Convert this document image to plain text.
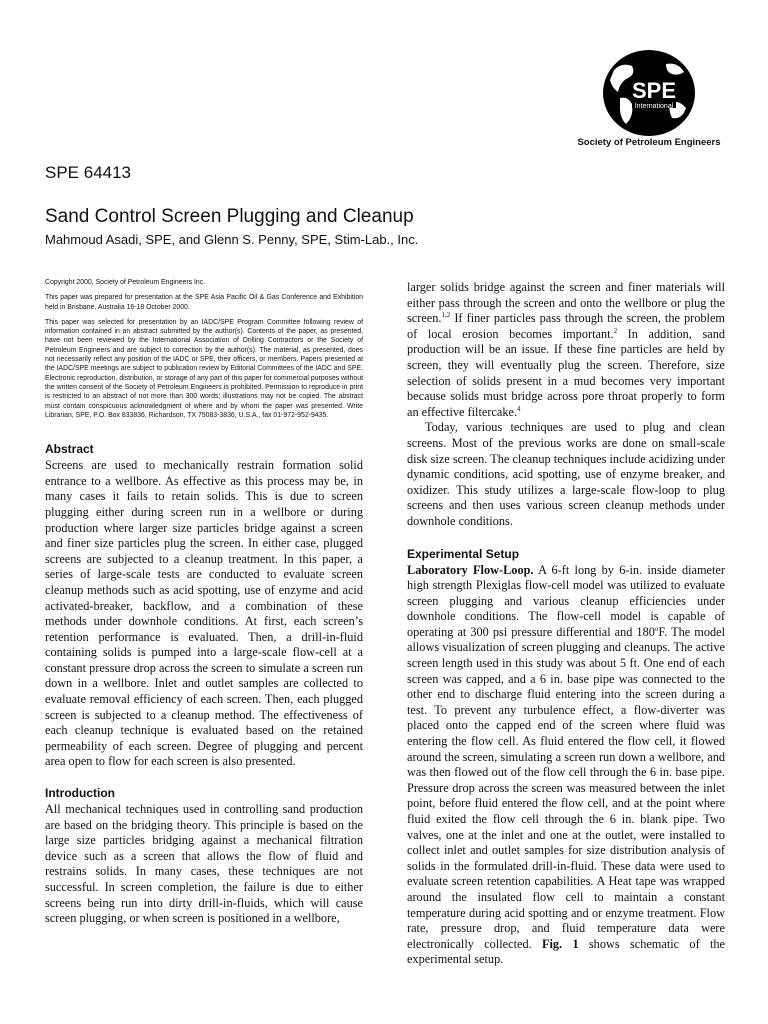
SPE
International
Society of Petroleum Engineers
SPE 64413
Sand Control Screen Plugging and Cleanup
Mahmoud Asadi, SPE, and Glenn S. Penny, SPE, Stim-Lab., Inc.

Copyright 2000, Society of Petroleum Engineers Inc.

This paper was prepared for presentation at the SPE Asia Pacific Oil & Gas Conference and Exhibition held in Brisbane, Australia 16-18 October 2000.

This paper was selected for presentation by an IADC/SPE Program Committee following review of information contained in an abstract submitted by the author(s). Contents of the paper, as presented, have not been reviewed by the International Association of Drilling Contractors or the Society of Petroleum Engineers and are subject to correction by the author(s). The material, as presented, does not necessarily reflect any position of the IADC or SPE, their officers, or members. Papers presented at the IADC/SPE meetings are subject to publication review by Editorial Committees of the IADC and SPE. Electronic reproduction, distribution, or storage of any part of this paper for commercial purposes without the written consent of the Society of Petroleum Engineers is prohibited. Permission to reproduce in print is restricted to an abstract of not more than 300 words; illustrations may not be copied. The abstract must contain conspicuous acknowledgment of where and by whom the paper was presented. Write Librarian, SPE, P.O. Box 833836, Richardson, TX 75083-3836, U.S.A., fax 01-972-952-9435.

Abstract

Screens are used to mechanically restrain formation solid entrance to a wellbore. As effective as this process may be, in many cases it fails to retain solids. This is due to screen plugging either during screen run in a wellbore or during production where larger size particles bridge against a screen and finer size particles plug the screen. In either case, plugged screens are subjected to a cleanup treatment. In this paper, a series of large-scale tests are conducted to evaluate screen cleanup methods such as acid spotting, use of enzyme and acid activated-breaker, backflow, and a combination of these methods under downhole conditions. At first, each screen’s retention performance is evaluated. Then, a drill-in-fluid containing solids is pumped into a large-scale flow-cell at a constant pressure drop across the screen to simulate a screen run down in a wellbore. Inlet and outlet samples are collected to evaluate removal efficiency of each screen. Then, each plugged screen is subjected to a cleanup method. The effectiveness of each cleanup technique is evaluated based on the retained permeability of each screen. Degree of plugging and percent area open to flow for each screen is also presented.

Introduction

All mechanical techniques used in controlling sand production are based on the bridging theory. This principle is based on the large size particles bridging against a mechanical filtration device such as a screen that allows the flow of fluid and restrains solids. In many cases, these techniques are not successful. In screen completion, the failure is due to either screens being run into dirty drill-in-fluids, which will cause screen plugging, or when screen is positioned in a wellbore,

larger solids bridge against the screen and finer materials will either pass through the screen and onto the wellbore or plug the screen.$^{1,2}$ If finer particles pass through the screen, the problem of local erosion becomes important.$^2$ In addition, sand production will be an issue. If these fine particles are held by screen, they will eventually plug the screen. Therefore, size selection of solids present in a mud becomes very important because solids must bridge across pore throat properly to form an effective filtercake.$^4$

Today, various techniques are used to plug and clean screens. Most of the previous works are done on small-scale disk size screen. The cleanup techniques include acidizing under dynamic conditions, acid spotting, use of enzyme breaker, and oxidizer. This study utilizes a large-scale flow-loop to plug screens and then uses various screen cleanup methods under downhole conditions.

Experimental Setup

Laboratory Flow-Loop. A 6-ft long by 6-in. inside diameter high strength Plexiglas flow-cell model was utilized to evaluate screen plugging and various cleanup efficiencies under downhole conditions. The flow-cell model is capable of operating at 300 psi pressure differential and 180$^o$F. The model allows visualization of screen plugging and cleanups. The active screen length used in this study was about 5 ft. One end of each screen was capped, and a 6 in. base pipe was connected to the other end to discharge fluid entering into the screen during a test. To prevent any turbulence effect, a flow-diverter was placed onto the capped end of the screen where fluid was entering the flow cell. As fluid entered the flow cell, it flowed around the screen, simulating a screen run down a wellbore, and was then flowed out of the flow cell through the 6 in. base pipe. Pressure drop across the screen was measured between the inlet point, before fluid entered the flow cell, and at the point where fluid exited the flow cell through the 6 in. blank pipe. Two valves, one at the inlet and one at the outlet, were installed to collect inlet and outlet samples for size distribution analysis of solids in the formulated drill-in-fluid. These data were used to evaluate screen retention capabilities. A Heat tape was wrapped around the insulated flow cell to maintain a constant temperature during acid spotting and or enzyme treatment. Flow rate, pressure drop, and fluid temperature data were electronically collected. Fig. 1 shows schematic of the experimental setup.
